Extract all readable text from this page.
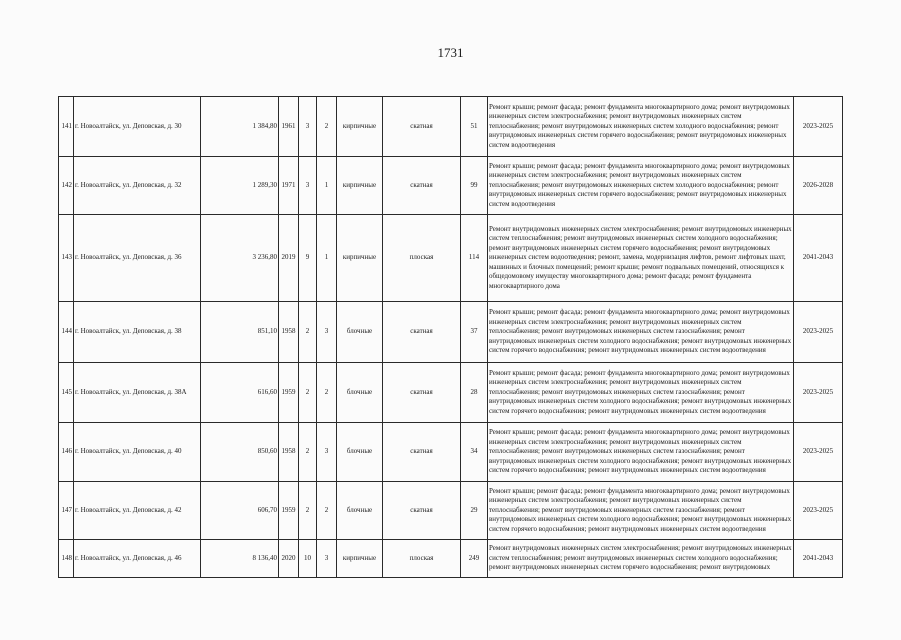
1731
141	г. Новоалтайск, ул. Деповская, д. 30	1 384,80	1961	3	2	кирпичные	скатная	51	Ремонт крыши; ремонт фасада; ремонт фундамента многоквартирного дома; ремонт внутридомовых инженерных систем электроснабжения; ремонт внутридомовых инженерных систем теплоснабжения; ремонт внутридомовых инженерных систем холодного водоснабжения; ремонт внутридомовых инженерных систем горячего водоснабжения; ремонт внутридомовых инженерных систем водоотведения	2023-2025
142	г. Новоалтайск, ул. Деповская, д. 32	1 289,30	1971	3	1	кирпичные	скатная	99	Ремонт крыши; ремонт фасада; ремонт фундамента многоквартирного дома; ремонт внутридомовых инженерных систем электроснабжения; ремонт внутридомовых инженерных систем теплоснабжения; ремонт внутридомовых инженерных систем холодного водоснабжения; ремонт внутридомовых инженерных систем горячего водоснабжения; ремонт внутридомовых инженерных систем водоотведения	2026-2028
143	г. Новоалтайск, ул. Деповская, д. 36	3 236,80	2019	9	1	кирпичные	плоская	114	Ремонт внутридомовых инженерных систем электроснабжения; ремонт внутридомовых инженерных систем теплоснабжения; ремонт внутридомовых инженерных систем холодного водоснабжения; ремонт внутридомовых инженерных систем горячего водоснабжения; ремонт внутридомовых инженерных систем водоотведения; ремонт, замена, модернизация лифтов, ремонт лифтовых шахт, машинных и блочных помещений; ремонт крыши; ремонт подвальных помещений, относящихся к общедомовому имуществу многоквартирного дома; ремонт фасада; ремонт фундамента многоквартирного дома	2041-2043
144	г. Новоалтайск, ул. Деповская, д. 38	851,10	1958	2	3	блочные	скатная	37	Ремонт крыши; ремонт фасада; ремонт фундамента многоквартирного дома; ремонт внутридомовых инженерных систем электроснабжения; ремонт внутридомовых инженерных систем теплоснабжения; ремонт внутридомовых инженерных систем газоснабжения; ремонт внутридомовых инженерных систем холодного водоснабжения; ремонт внутридомовых инженерных систем горячего водоснабжения; ремонт внутридомовых инженерных систем водоотведения	2023-2025
145	г. Новоалтайск, ул. Деповская, д. 38А	616,60	1959	2	2	блочные	скатная	28	Ремонт крыши; ремонт фасада; ремонт фундамента многоквартирного дома; ремонт внутридомовых инженерных систем электроснабжения; ремонт внутридомовых инженерных систем теплоснабжения; ремонт внутридомовых инженерных систем газоснабжения; ремонт внутридомовых инженерных систем холодного водоснабжения; ремонт внутридомовых инженерных систем горячего водоснабжения; ремонт внутридомовых инженерных систем водоотведения	2023-2025
146	г. Новоалтайск, ул. Деповская, д. 40	850,60	1958	2	3	блочные	скатная	34	Ремонт крыши; ремонт фасада; ремонт фундамента многоквартирного дома; ремонт внутридомовых инженерных систем электроснабжения; ремонт внутридомовых инженерных систем теплоснабжения; ремонт внутридомовых инженерных систем газоснабжения; ремонт внутридомовых инженерных систем холодного водоснабжения; ремонт внутридомовых инженерных систем горячего водоснабжения; ремонт внутридомовых инженерных систем водоотведения	2023-2025
147	г. Новоалтайск, ул. Деповская, д. 42	606,70	1959	2	2	блочные	скатная	29	Ремонт крыши; ремонт фасада; ремонт фундамента многоквартирного дома; ремонт внутридомовых инженерных систем электроснабжения; ремонт внутридомовых инженерных систем теплоснабжения; ремонт внутридомовых инженерных систем газоснабжения; ремонт внутридомовых инженерных систем холодного водоснабжения; ремонт внутридомовых инженерных систем горячего водоснабжения; ремонт внутридомовых инженерных систем водоотведения	2023-2025
148	г. Новоалтайск, ул. Деповская, д. 46	8 136,40	2020	10	3	кирпичные	плоская	249	Ремонт внутридомовых инженерных систем электроснабжения; ремонт внутридомовых инженерных систем теплоснабжения; ремонт внутридомовых инженерных систем холодного водоснабжения; ремонт внутридомовых инженерных систем горячего водоснабжения; ремонт внутридомовых	2041-2043
